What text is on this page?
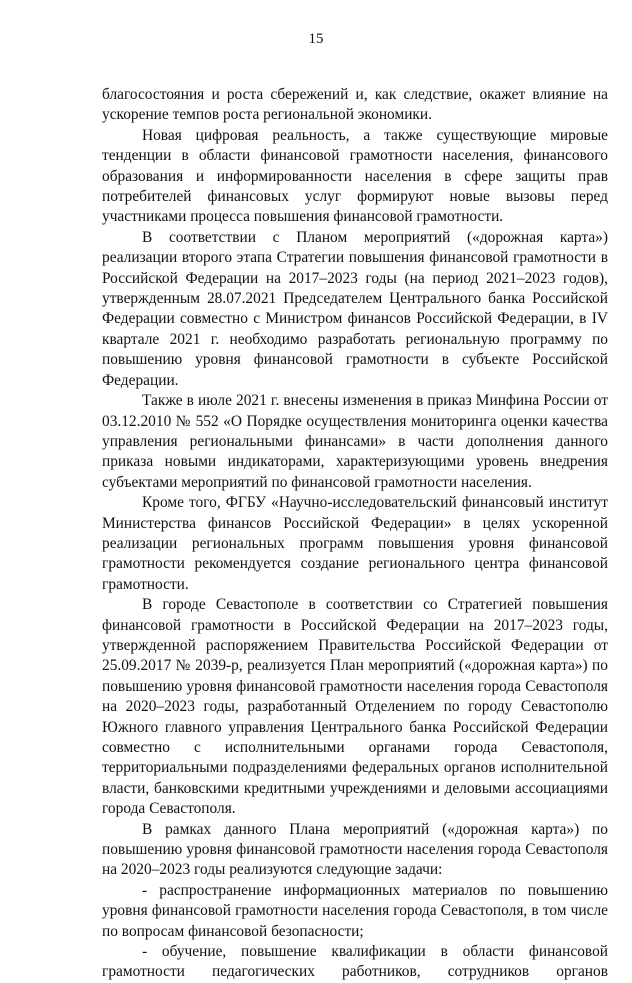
15

благосостояния и роста сбережений и, как следствие, окажет влияние на ускорение темпов роста региональной экономики.

Новая цифровая реальность, а также существующие мировые тенденции в области финансовой грамотности населения, финансового образования и информированности населения в сфере защиты прав потребителей финансовых услуг формируют новые вызовы перед участниками процесса повышения финансовой грамотности.

В соответствии с Планом мероприятий («дорожная карта») реализации второго этапа Стратегии повышения финансовой грамотности в Российской Федерации на 2017–2023 годы (на период 2021–2023 годов), утвержденным 28.07.2021 Председателем Центрального банка Российской Федерации совместно с Министром финансов Российской Федерации, в IV квартале 2021 г. необходимо разработать региональную программу по повышению уровня финансовой грамотности в субъекте Российской Федерации.

Также в июле 2021 г. внесены изменения в приказ Минфина России от 03.12.2010 № 552 «О Порядке осуществления мониторинга оценки качества управления региональными финансами» в части дополнения данного приказа новыми индикаторами, характеризующими уровень внедрения субъектами мероприятий по финансовой грамотности населения.

Кроме того, ФГБУ «Научно-исследовательский финансовый институт Министерства финансов Российской Федерации» в целях ускоренной реализации региональных программ повышения уровня финансовой грамотности рекомендуется создание регионального центра финансовой грамотности.

В городе Севастополе в соответствии со Стратегией повышения финансовой грамотности в Российской Федерации на 2017–2023 годы, утвержденной распоряжением Правительства Российской Федерации от 25.09.2017 № 2039-р, реализуется План мероприятий («дорожная карта») по повышению уровня финансовой грамотности населения города Севастополя на 2020–2023 годы, разработанный Отделением по городу Севастополю Южного главного управления Центрального банка Российской Федерации совместно с исполнительными органами города Севастополя, территориальными подразделениями федеральных органов исполнительной власти, банковскими кредитными учреждениями и деловыми ассоциациями города Севастополя.

В рамках данного Плана мероприятий («дорожная карта») по повышению уровня финансовой грамотности населения города Севастополя на 2020–2023 годы реализуются следующие задачи:

- распространение информационных материалов по повышению уровня финансовой грамотности населения города Севастополя, в том числе по вопросам финансовой безопасности;

- обучение, повышение квалификации в области финансовой грамотности педагогических работников, сотрудников органов
